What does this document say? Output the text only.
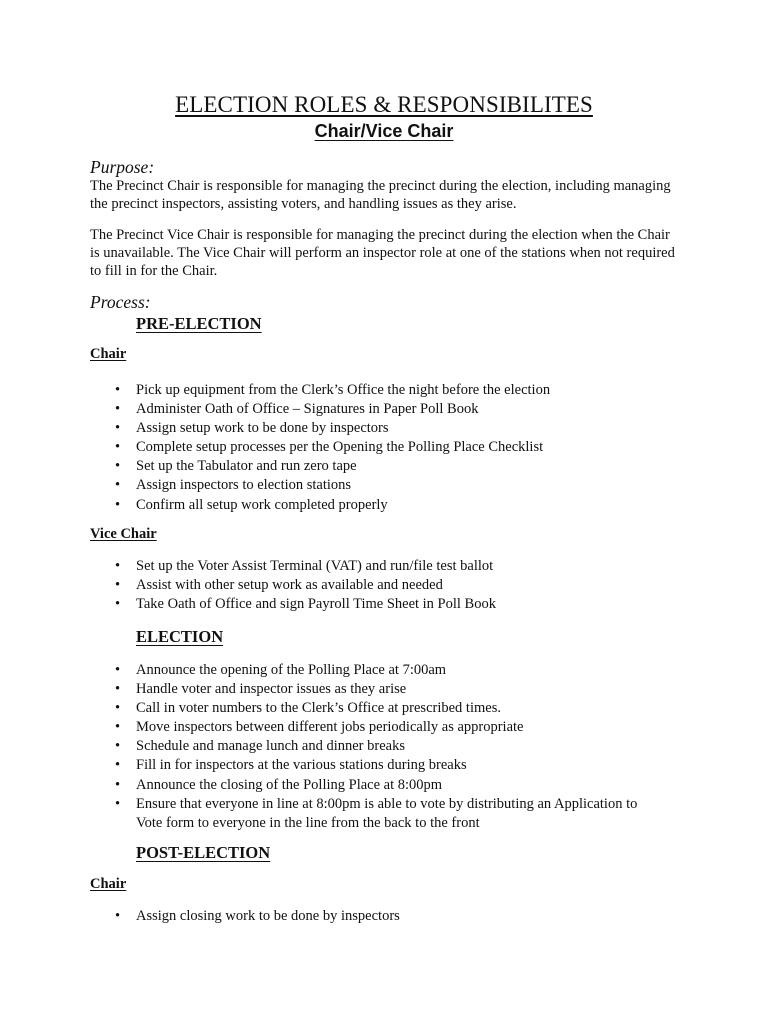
ELECTION ROLES & RESPONSIBILITES
Chair/Vice Chair
Purpose:
The Precinct Chair is responsible for managing the precinct during the election, including managing the precinct inspectors, assisting voters, and handling issues as they arise.
The Precinct Vice Chair is responsible for managing the precinct during the election when the Chair is unavailable. The Vice Chair will perform an inspector role at one of the stations when not required to fill in for the Chair.
Process:
PRE-ELECTION
Chair
• Pick up equipment from the Clerk’s Office the night before the election
• Administer Oath of Office – Signatures in Paper Poll Book
• Assign setup work to be done by inspectors
• Complete setup processes per the Opening the Polling Place Checklist
• Set up the Tabulator and run zero tape
• Assign inspectors to election stations
• Confirm all setup work completed properly
Vice Chair
• Set up the Voter Assist Terminal (VAT) and run/file test ballot
• Assist with other setup work as available and needed
• Take Oath of Office and sign Payroll Time Sheet in Poll Book
ELECTION
• Announce the opening of the Polling Place at 7:00am
• Handle voter and inspector issues as they arise
• Call in voter numbers to the Clerk’s Office at prescribed times.
• Move inspectors between different jobs periodically as appropriate
• Schedule and manage lunch and dinner breaks
• Fill in for inspectors at the various stations during breaks
• Announce the closing of the Polling Place at 8:00pm
• Ensure that everyone in line at 8:00pm is able to vote by distributing an Application to Vote form to everyone in the line from the back to the front
POST-ELECTION
Chair
• Assign closing work to be done by inspectors
